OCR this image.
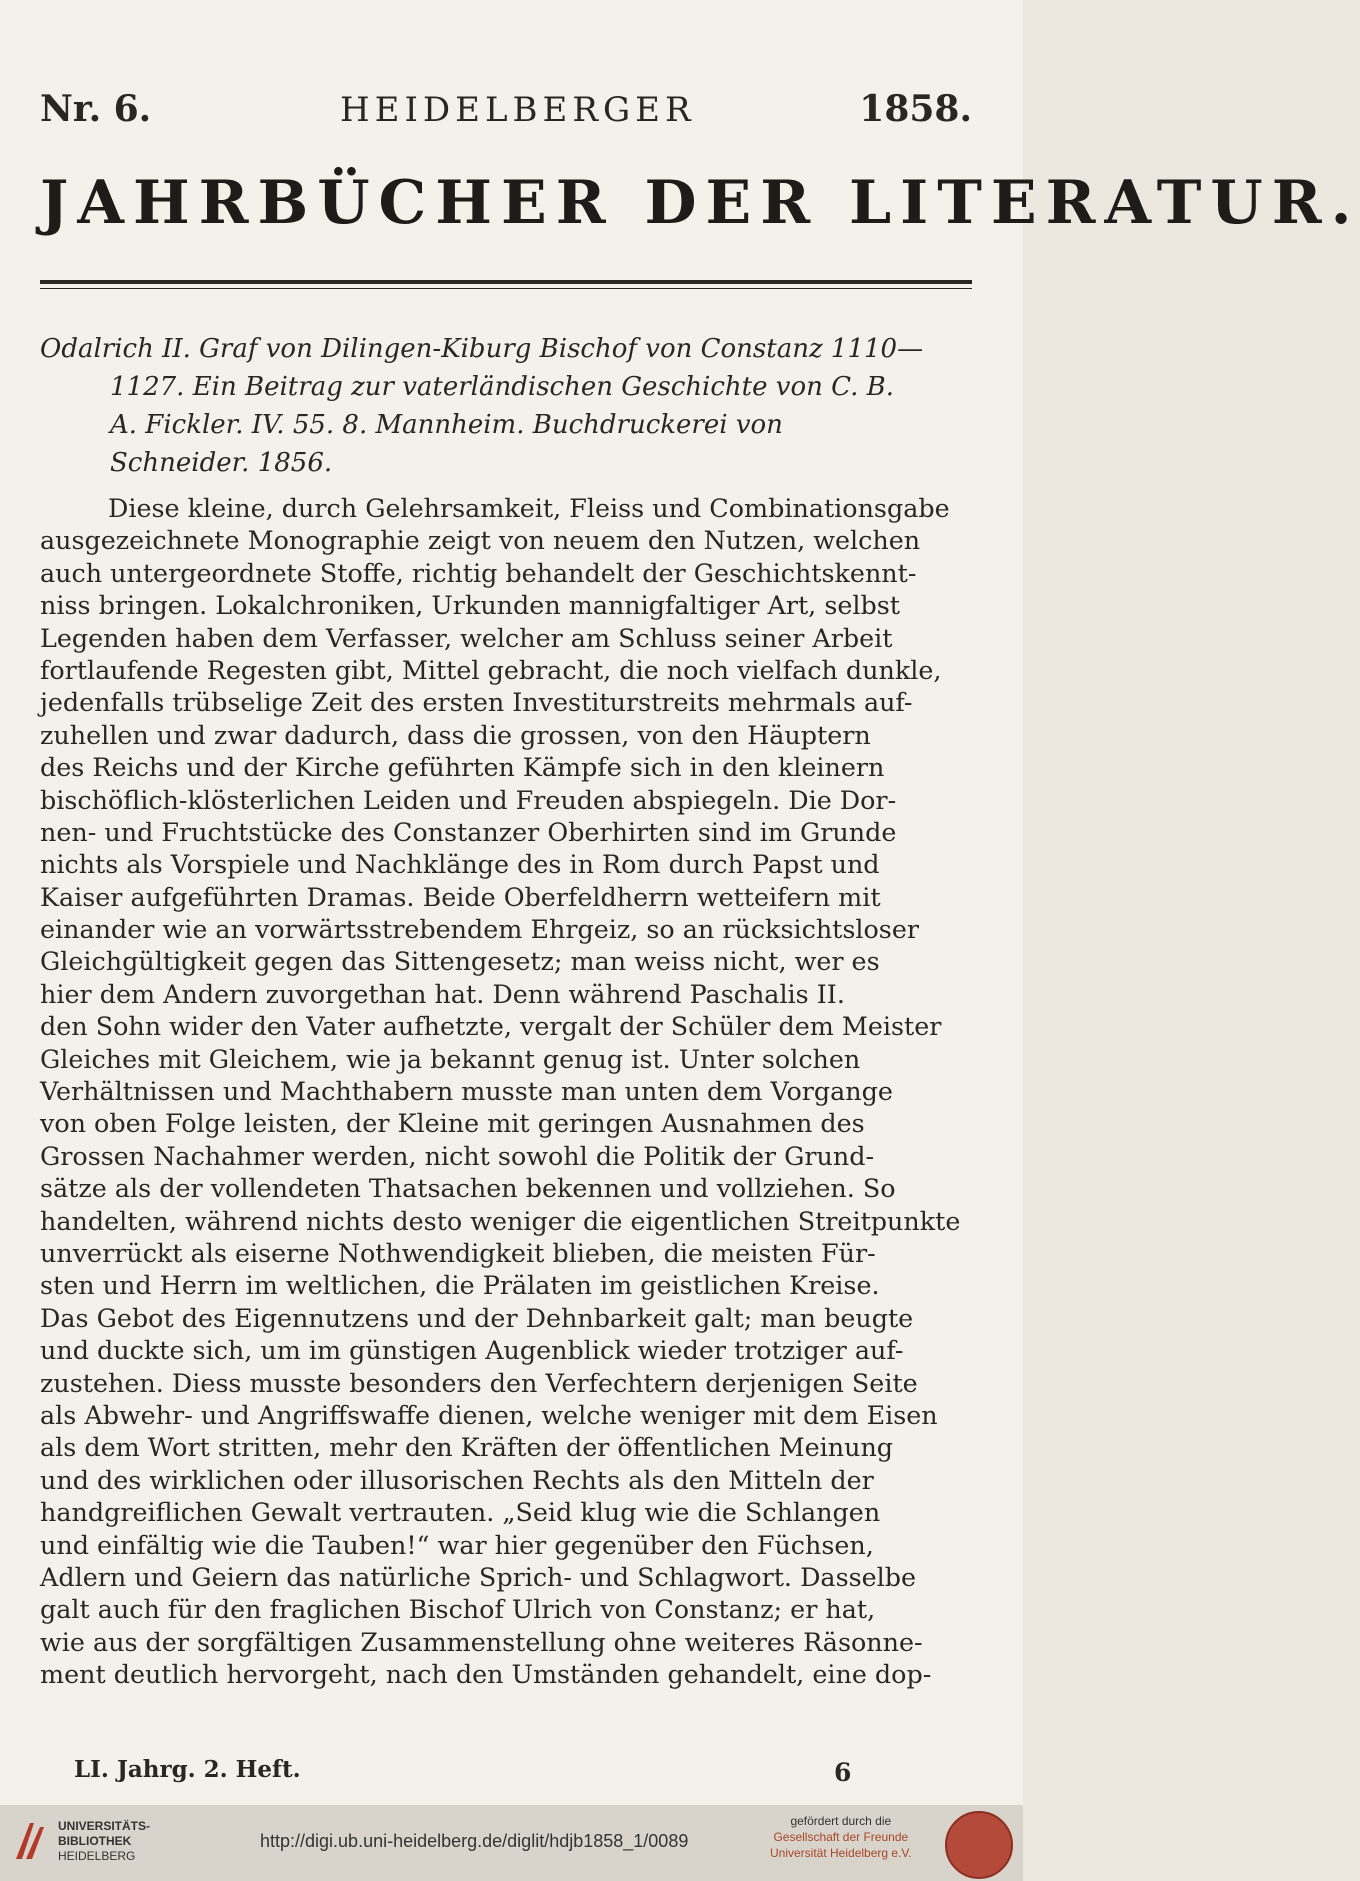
Nr. 6.	HEIDELBERGER	1858.
JAHRBÜCHER DER LITERATUR.
Odalrich II. Graf von Dilingen-Kiburg Bischof von Constanz 1110—
1127. Ein Beitrag zur vaterländischen Geschichte von C. B.
A. Fickler. IV. 55. 8. Mannheim. Buchdruckerei von
Schneider. 1856.
Diese kleine, durch Gelehrsamkeit, Fleiss und Combinationsgabe
ausgezeichnete Monographie zeigt von neuem den Nutzen, welchen
auch untergeordnete Stoffe, richtig behandelt der Geschichtskennt-
niss bringen. Lokalchroniken, Urkunden mannigfaltiger Art, selbst
Legenden haben dem Verfasser, welcher am Schluss seiner Arbeit
fortlaufende Regesten gibt, Mittel gebracht, die noch vielfach dunkle,
jedenfalls trübselige Zeit des ersten Investiturstreits mehrmals auf-
zuhellen und zwar dadurch, dass die grossen, von den Häuptern
des Reichs und der Kirche geführten Kämpfe sich in den kleinern
bischöflich-klösterlichen Leiden und Freuden abspiegeln. Die Dor-
nen- und Fruchtstücke des Constanzer Oberhirten sind im Grunde
nichts als Vorspiele und Nachklänge des in Rom durch Papst und
Kaiser aufgeführten Dramas. Beide Oberfeldherrn wetteifern mit
einander wie an vorwärtsstrebendem Ehrgeiz, so an rücksichtsloser
Gleichgültigkeit gegen das Sittengesetz; man weiss nicht, wer es
hier dem Andern zuvorgethan hat. Denn während Paschalis II.
den Sohn wider den Vater aufhetzte, vergalt der Schüler dem Meister
Gleiches mit Gleichem, wie ja bekannt genug ist. Unter solchen
Verhältnissen und Machthabern musste man unten dem Vorgange
von oben Folge leisten, der Kleine mit geringen Ausnahmen des
Grossen Nachahmer werden, nicht sowohl die Politik der Grund-
sätze als der vollendeten Thatsachen bekennen und vollziehen. So
handelten, während nichts desto weniger die eigentlichen Streitpunkte
unverrückt als eiserne Nothwendigkeit blieben, die meisten Für-
sten und Herrn im weltlichen, die Prälaten im geistlichen Kreise.
Das Gebot des Eigennutzens und der Dehnbarkeit galt; man beugte
und duckte sich, um im günstigen Augenblick wieder trotziger auf-
zustehen. Diess musste besonders den Verfechtern derjenigen Seite
als Abwehr- und Angriffswaffe dienen, welche weniger mit dem Eisen
als dem Wort stritten, mehr den Kräften der öffentlichen Meinung
und des wirklichen oder illusorischen Rechts als den Mitteln der
handgreiflichen Gewalt vertrauten. „Seid klug wie die Schlangen
und einfältig wie die Tauben!“ war hier gegenüber den Füchsen,
Adlern und Geiern das natürliche Sprich- und Schlagwort. Dasselbe
galt auch für den fraglichen Bischof Ulrich von Constanz; er hat,
wie aus der sorgfältigen Zusammenstellung ohne weiteres Räsonne-
ment deutlich hervorgeht, nach den Umständen gehandelt, eine dop-
LI. Jahrg. 2. Heft.	6
UNIVERSITÄTS-
BIBLIOTHEK
HEIDELBERG
http://digi.ub.uni-heidelberg.de/diglit/hdjb1858_1/0089
gefördert durch die
Gesellschaft der Freunde
Universität Heidelberg e.V.
